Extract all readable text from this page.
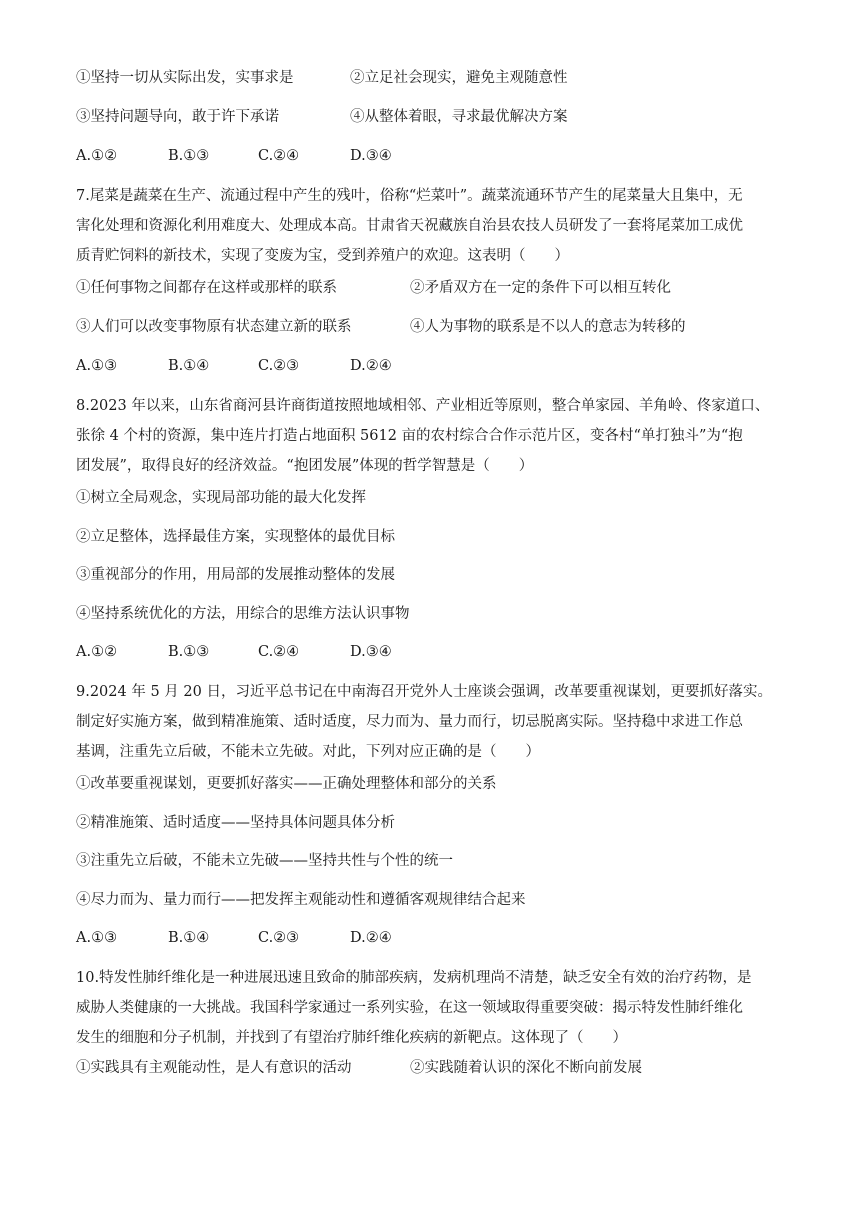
①坚持一切从实际出发，实事求是	②立足社会现实，避免主观随意性
③坚持问题导向，敢于许下承诺	④从整体着眼，寻求最优解决方案
A.①②	B.①③	C.②④	D.③④
7.尾菜是蔬菜在生产、流通过程中产生的残叶，俗称“烂菜叶”。蔬菜流通环节产生的尾菜量大且集中，无
害化处理和资源化利用难度大、处理成本高。甘肃省天祝藏族自治县农技人员研发了一套将尾菜加工成优
质青贮饲料的新技术，实现了变废为宝，受到养殖户的欢迎。这表明（　　）
①任何事物之间都存在这样或那样的联系	②矛盾双方在一定的条件下可以相互转化
③人们可以改变事物原有状态建立新的联系	④人为事物的联系是不以人的意志为转移的
A.①③	B.①④	C.②③	D.②④
8.2023 年以来，山东省商河县许商街道按照地域相邻、产业相近等原则，整合单家园、羊角岭、佟家道口、
张徐 4 个村的资源，集中连片打造占地面积 5612 亩的农村综合合作示范片区，变各村“单打独斗”为“抱
团发展”，取得良好的经济效益。“抱团发展”体现的哲学智慧是（　　）
①树立全局观念，实现局部功能的最大化发挥
②立足整体，选择最佳方案，实现整体的最优目标
③重视部分的作用，用局部的发展推动整体的发展
④坚持系统优化的方法，用综合的思维方法认识事物
A.①②	B.①③	C.②④	D.③④
9.2024 年 5 月 20 日，习近平总书记在中南海召开党外人士座谈会强调，改革要重视谋划，更要抓好落实。
制定好实施方案，做到精准施策、适时适度，尽力而为、量力而行，切忌脱离实际。坚持稳中求进工作总
基调，注重先立后破，不能未立先破。对此，下列对应正确的是（　　）
①改革要重视谋划，更要抓好落实——正确处理整体和部分的关系
②精准施策、适时适度——坚持具体问题具体分析
③注重先立后破，不能未立先破——坚持共性与个性的统一
④尽力而为、量力而行——把发挥主观能动性和遵循客观规律结合起来
A.①③	B.①④	C.②③	D.②④
10.特发性肺纤维化是一种进展迅速且致命的肺部疾病，发病机理尚不清楚，缺乏安全有效的治疗药物，是
威胁人类健康的一大挑战。我国科学家通过一系列实验，在这一领域取得重要突破：揭示特发性肺纤维化
发生的细胞和分子机制，并找到了有望治疗肺纤维化疾病的新靶点。这体现了（　　）
①实践具有主观能动性，是人有意识的活动	②实践随着认识的深化不断向前发展
